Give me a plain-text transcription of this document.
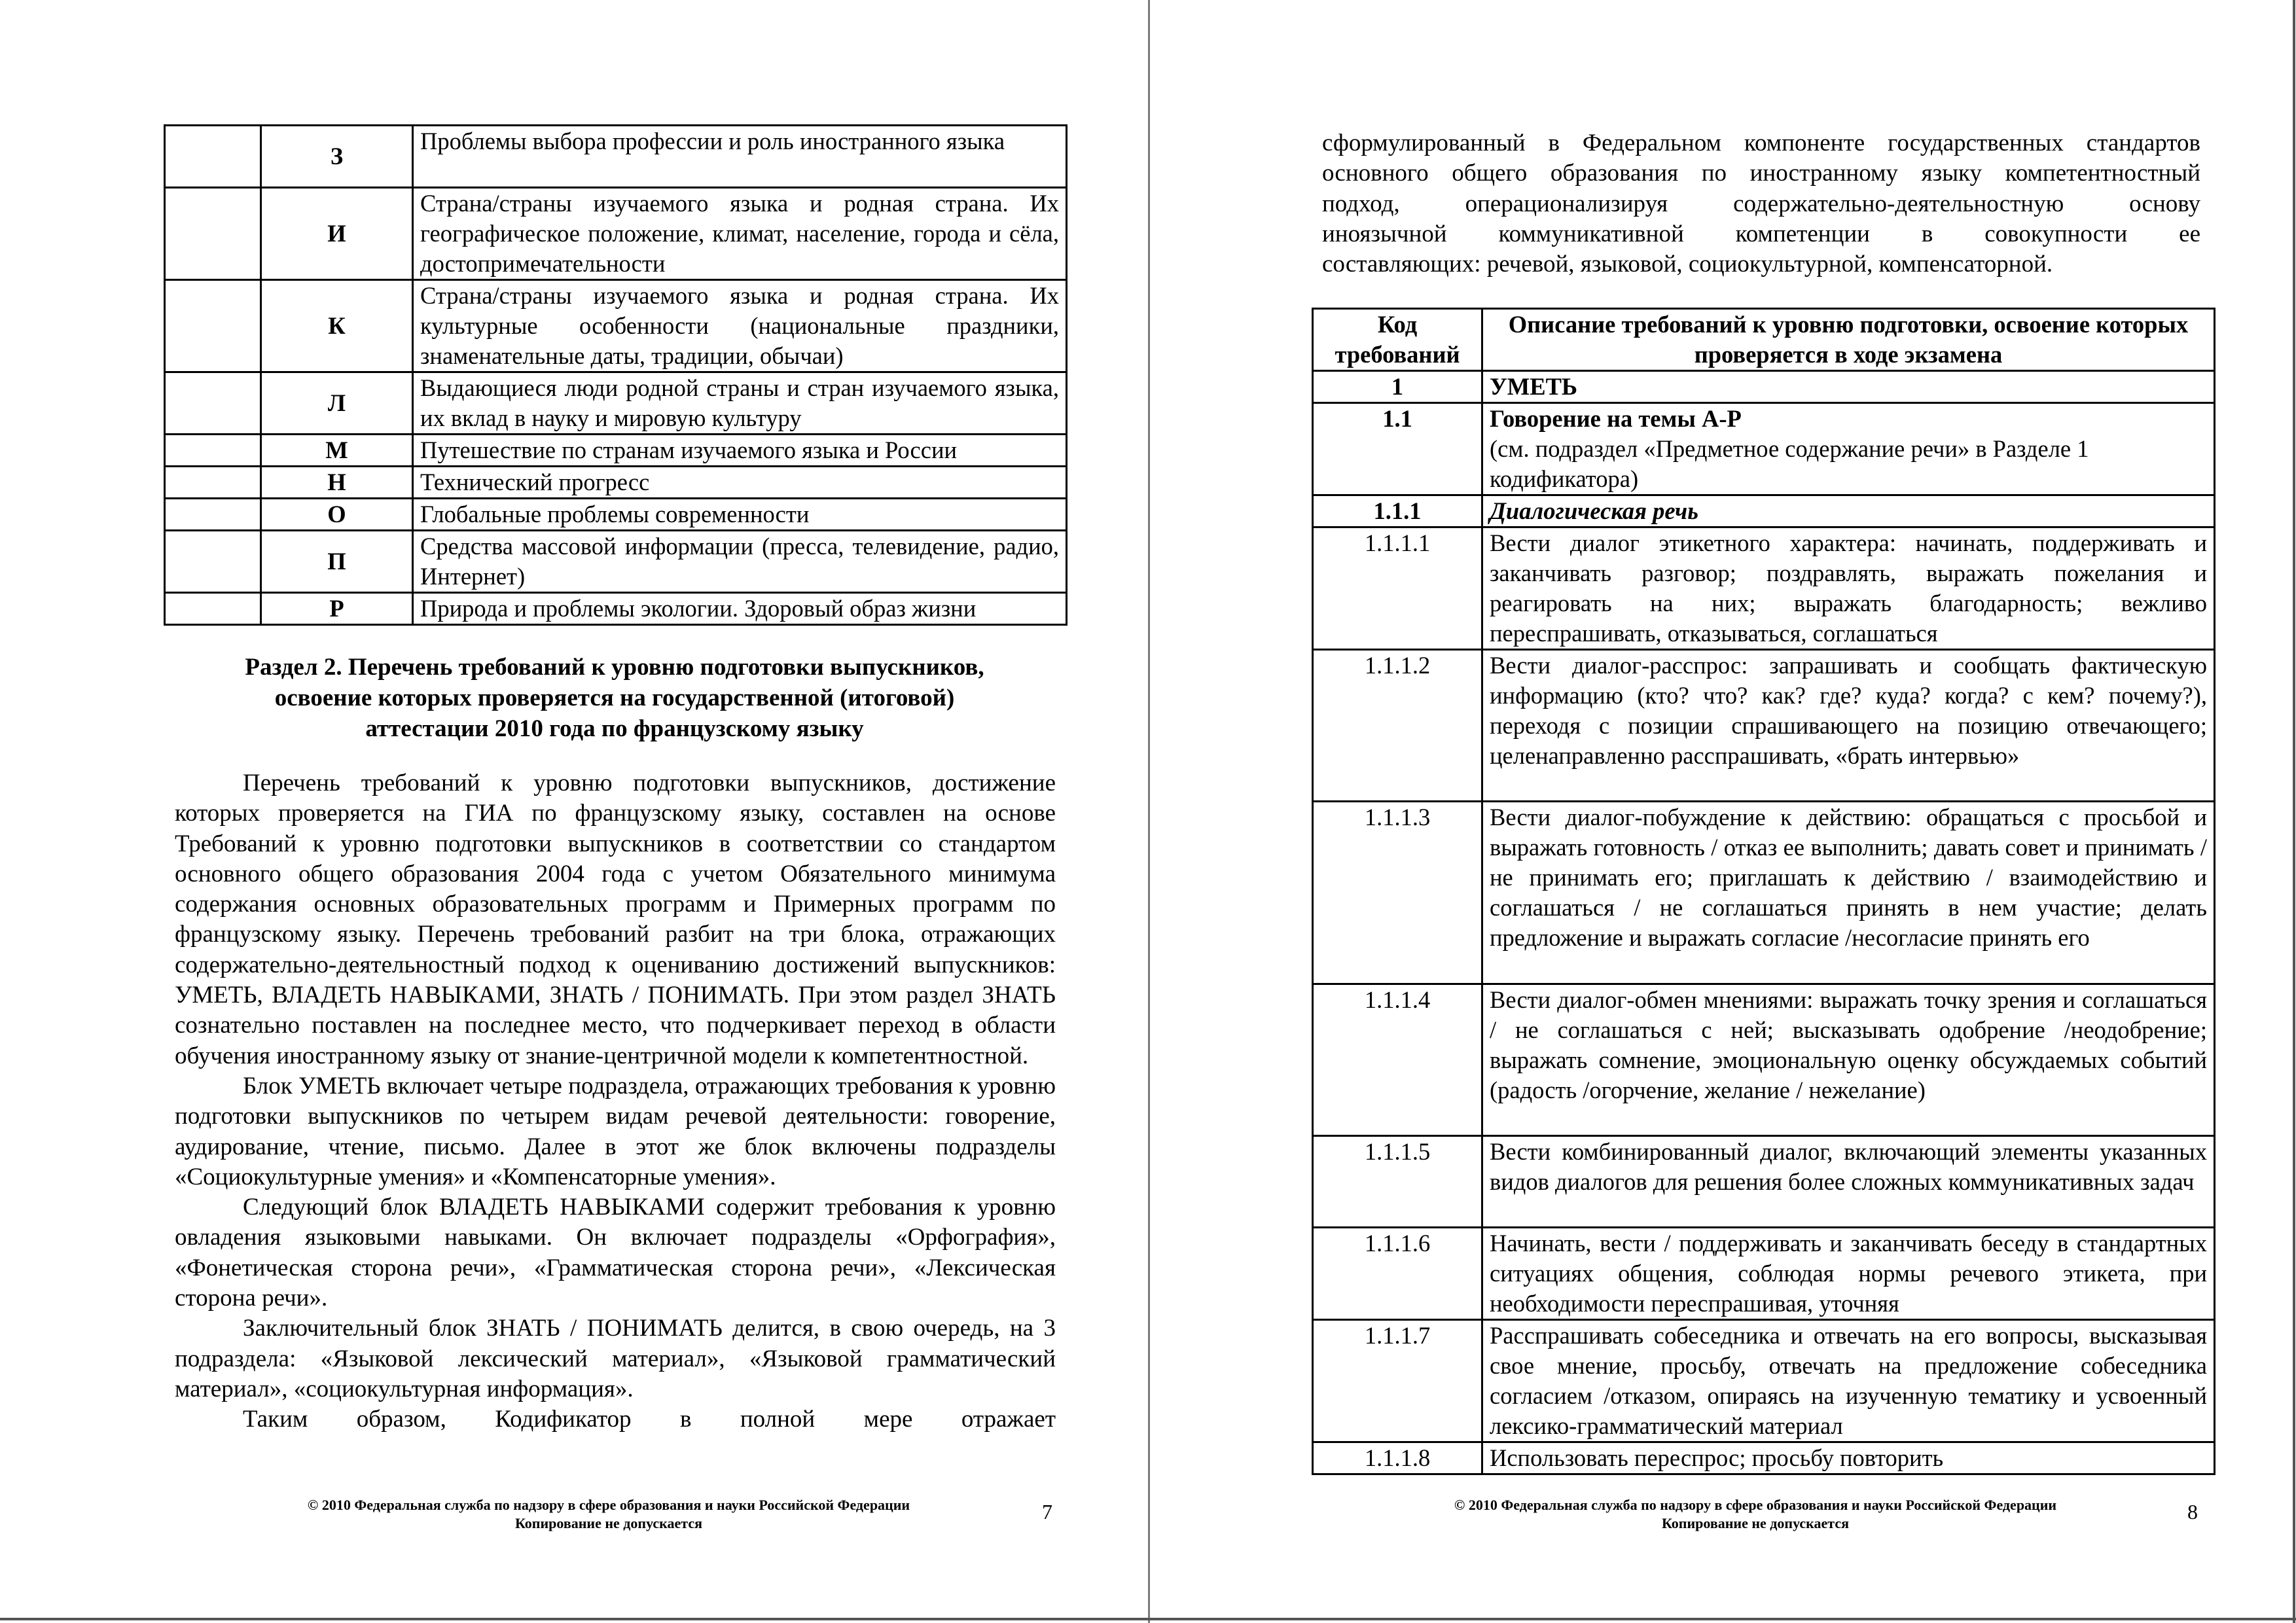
	З	Проблемы выбора профессии и роль иностранного языка
	И	Страна/страны изучаемого языка и родная страна. Их географическое положение, климат, население, города и сёла, достопримечательности
	К	Страна/страны изучаемого языка и родная страна. Их культурные особенности (национальные праздники, знаменательные даты, традиции, обычаи)
	Л	Выдающиеся люди родной страны и стран изучаемого языка, их вклад в науку и мировую культуру
	М	Путешествие по странам изучаемого языка и России
	Н	Технический прогресс
	О	Глобальные проблемы современности
	П	Средства массовой информации (пресса, телевидение, радио, Интернет)
	Р	Природа и проблемы экологии. Здоровый образ жизни
Раздел 2. Перечень требований к уровню подготовки выпускников,
освоение которых проверяется на государственной (итоговой)
аттестации 2010 года по французскому языку

Перечень требований к уровню подготовки выпускников, достижение которых проверяется на ГИА по французскому языку, составлен на основе Требований к уровню подготовки выпускников в соответствии со стандартом основного общего образования 2004 года с учетом Обязательного минимума содержания основных образовательных программ и Примерных программ по французскому языку. Перечень требований разбит на три блока, отражающих содержательно-деятельностный подход к оцениванию достижений выпускников: УМЕТЬ, ВЛАДЕТЬ НАВЫКАМИ, ЗНАТЬ / ПОНИМАТЬ. При этом раздел ЗНАТЬ сознательно поставлен на последнее место, что подчеркивает переход в области обучения иностранному языку от знание-центричной модели к компетентностной.

Блок УМЕТЬ включает четыре подраздела, отражающих требования к уровню подготовки выпускников по четырем видам речевой деятельности: говорение, аудирование, чтение, письмо. Далее в этот же блок включены подразделы «Социокультурные умения» и «Компенсаторные умения».

Следующий блок ВЛАДЕТЬ НАВЫКАМИ содержит требования к уровню овладения языковыми навыками. Он включает подразделы «Орфография», «Фонетическая сторона речи», «Грамматическая сторона речи», «Лексическая сторона речи».

Заключительный блок ЗНАТЬ / ПОНИМАТЬ делится, в свою очередь, на 3 подраздела: «Языковой лексический материал», «Языковой грамматический материал», «социокультурная информация».

Таким образом, Кодификатор в полной мере отражает

© 2010 Федеральная служба по надзору в сфере образования и науки Российской Федерации
Копирование не допускается	7
сформулированный в Федеральном компоненте государственных стандартов
основного общего образования по иностранному языку компетентностный
подход, операционализируя содержательно-деятельностную основу
иноязычной коммуникативной компетенции в совокупности ее
составляющих: речевой, языковой, социокультурной, компенсаторной.
Код требований	Описание требований к уровню подготовки, освоение которых проверяется в ходе экзамена
1	УМЕТЬ
1.1	Говорение на темы А-Р
(см. подраздел «Предметное содержание речи» в Разделе 1 кодификатора)

1.1.1	Диалогическая речь
1.1.1.1	Вести диалог этикетного характера: начинать, поддерживать и заканчивать разговор; поздравлять, выражать пожелания и реагировать на них; выражать благодарность; вежливо переспрашивать, отказываться, соглашаться
1.1.1.2	Вести диалог-расспрос: запрашивать и сообщать фактическую информацию (кто? что? как? где? куда? когда? с кем? почему?), переходя с позиции спрашивающего на позицию отвечающего; целенаправленно расспрашивать, «брать интервью»
1.1.1.3	Вести диалог-побуждение к действию: обращаться с просьбой и выражать готовность / отказ ее выполнить; давать совет и принимать / не принимать его; приглашать к действию / взаимодействию и соглашаться / не соглашаться принять в нем участие; делать предложение и выражать согласие /несогласие принять его
1.1.1.4	Вести диалог-обмен мнениями: выражать точку зрения и соглашаться / не соглашаться с ней; высказывать одобрение /неодобрение; выражать сомнение, эмоциональную оценку обсуждаемых событий (радость /огорчение, желание / нежелание)
1.1.1.5	Вести комбинированный диалог, включающий элементы указанных видов диалогов для решения более сложных коммуникативных задач
1.1.1.6	Начинать, вести / поддерживать и заканчивать беседу в стандартных ситуациях общения, соблюдая нормы речевого этикета, при необходимости переспрашивая, уточняя
1.1.1.7	Расспрашивать собеседника и отвечать на его вопросы, высказывая свое мнение, просьбу, отвечать на предложение собеседника согласием /отказом, опираясь на изученную тематику и усвоенный лексико-грамматический материал
1.1.1.8	Использовать переспрос; просьбу повторить
© 2010 Федеральная служба по надзору в сфере образования и науки Российской Федерации
Копирование не допускается	8
